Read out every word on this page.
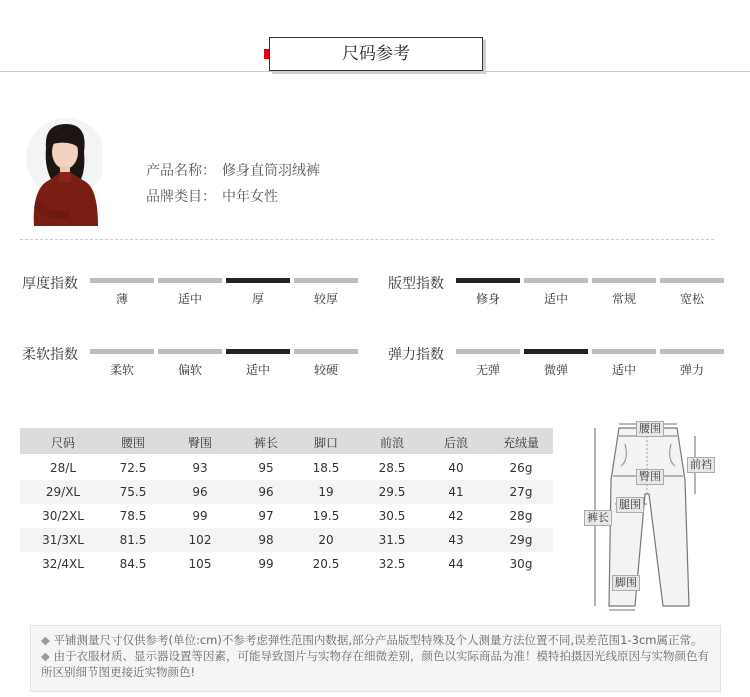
尺码参考
产品名称： 修身直筒羽绒裤
品牌类目： 中年女性
厚度指数
薄	适中	厚	较厚
版型指数
修身	适中	常规	宽松
柔软指数
柔软	偏软	适中	较硬
弹力指数
无弹	微弹	适中	弹力
尺码	腰围	臀围	裤长	脚口	前浪	后浪	充绒量
28/L	72.5	93	95	18.5	28.5	40	26g
29/XL	75.5	96	96	19	29.5	41	27g
30/2XL	78.5	99	97	19.5	30.5	42	28g
31/3XL	81.5	102	98	20	31.5	43	29g
32/4XL	84.5	105	99	20.5	32.5	44	30g
腰围
前裆
臀围
腿围
裤长
脚围

◆ 平铺测量尺寸仅供参考(单位:cm)不参考虑弹性范围内数据,部分产品版型特殊及个人测量方法位置不同,误差范围1-3cm属正常。

◆ 由于衣服材质、显示器设置等因素，可能导致图片与实物存在细微差别，颜色以实际商品为准！模特拍摄因光线原因与实物颜色有所区别细节图更接近实物颜色!
